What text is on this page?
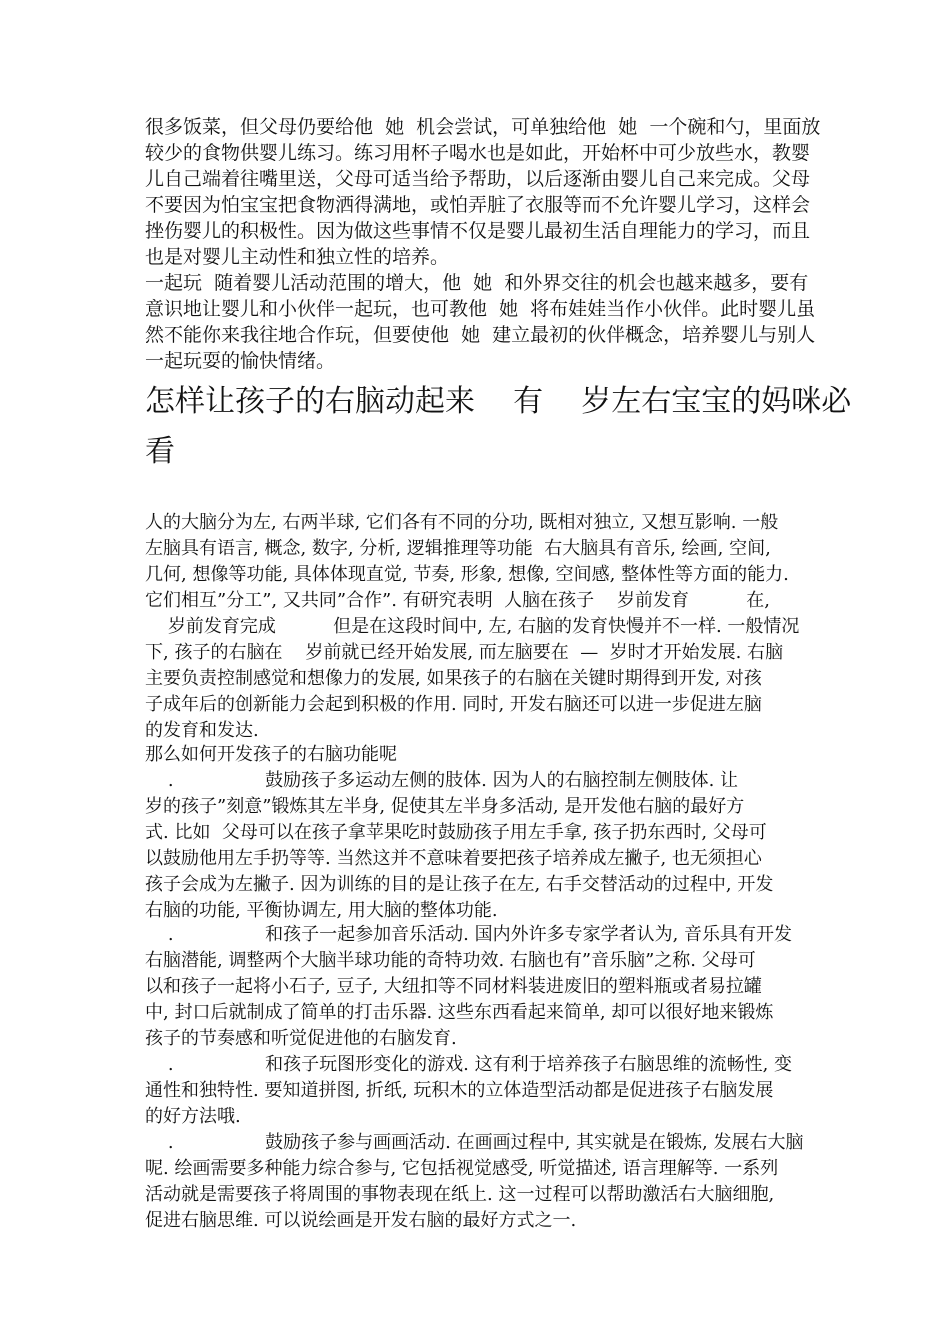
很多饭菜，但父母仍要给他  她  机会尝试，可单独给他  她  一个碗和勺，里面放
较少的食物供婴儿练习。练习用杯子喝水也是如此，开始杯中可少放些水，教婴
儿自己端着往嘴里送，父母可适当给予帮助，以后逐渐由婴儿自己来完成。父母
不要因为怕宝宝把食物洒得满地，或怕弄脏了衣服等而不允许婴儿学习，这样会
挫伤婴儿的积极性。因为做这些事情不仅是婴儿最初生活自理能力的学习，而且
也是对婴儿主动性和独立性的培养。
一起玩  随着婴儿活动范围的增大，他  她  和外界交往的机会也越来越多，要有
意识地让婴儿和小伙伴一起玩，也可教他  她  将布娃娃当作小伙伴。此时婴儿虽
然不能你来我往地合作玩，但要使他  她  建立最初的伙伴概念，培养婴儿与别人
一起玩耍的愉快情绪。
怎样让孩子的右脑动起来    有    岁左右宝宝的妈咪必
看
人的大脑分为左, 右两半球, 它们各有不同的分功, 既相对独立, 又想互影响. 一般
左脑具有语言, 概念, 数字, 分析, 逻辑推理等功能  右大脑具有音乐, 绘画, 空间,
几何, 想像等功能, 具体体现直觉, 节奏, 形象, 想像, 空间感, 整体性等方面的能力.
它们相互”分工”, 又共同”合作”. 有研究表明  人脑在孩子    岁前发育          在,
岁前发育完成          但是在这段时间中, 左, 右脑的发育快慢并不一样. 一般情况
下, 孩子的右脑在    岁前就已经开始发展, 而左脑要在  —  岁时才开始发展. 右脑
主要负责控制感觉和想像力的发展, 如果孩子的右脑在关键时期得到开发, 对孩
子成年后的创新能力会起到积极的作用. 同时, 开发右脑还可以进一步促进左脑
的发育和发达.
那么如何开发孩子的右脑功能呢
.                鼓励孩子多运动左侧的肢体. 因为人的右脑控制左侧肢体. 让
岁的孩子”刻意”锻炼其左半身, 促使其左半身多活动, 是开发他右脑的最好方
式. 比如  父母可以在孩子拿苹果吃时鼓励孩子用左手拿, 孩子扔东西时, 父母可
以鼓励他用左手扔等等. 当然这并不意味着要把孩子培养成左撇子, 也无须担心
孩子会成为左撇子. 因为训练的目的是让孩子在左, 右手交替活动的过程中, 开发
右脑的功能, 平衡协调左, 用大脑的整体功能.
.                和孩子一起参加音乐活动. 国内外许多专家学者认为, 音乐具有开发
右脑潜能, 调整两个大脑半球功能的奇特功效. 右脑也有”音乐脑”之称. 父母可
以和孩子一起将小石子, 豆子, 大纽扣等不同材料装进废旧的塑料瓶或者易拉罐
中, 封口后就制成了简单的打击乐器. 这些东西看起来简单, 却可以很好地来锻炼
孩子的节奏感和听觉促进他的右脑发育.
.                和孩子玩图形变化的游戏. 这有利于培养孩子右脑思维的流畅性, 变
通性和独特性. 要知道拼图, 折纸, 玩积木的立体造型活动都是促进孩子右脑发展
的好方法哦.
.                鼓励孩子参与画画活动. 在画画过程中, 其实就是在锻炼, 发展右大脑
呢. 绘画需要多种能力综合参与, 它包括视觉感受, 听觉描述, 语言理解等. 一系列
活动就是需要孩子将周围的事物表现在纸上. 这一过程可以帮助激活右大脑细胞,
促进右脑思维. 可以说绘画是开发右脑的最好方式之一.
